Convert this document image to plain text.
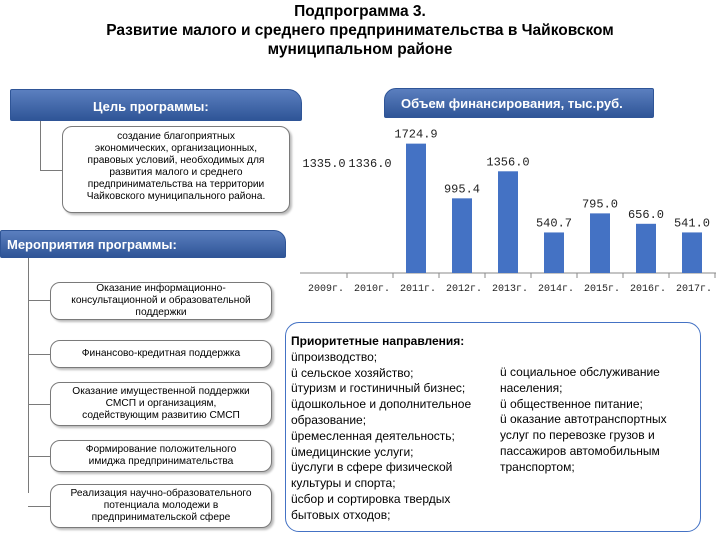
Подпрограмма 3.
Развитие малого и среднего предпринимательства в Чайковском
муниципальном районе
Цель программы:	Объем финансирования, тыс.руб.
создание благоприятных
экономических, организационных,
правовых условий, необходимых для
развития малого и среднего
предпринимательства на территории
Чайковского муниципального района.
Мероприятия программы:
Оказание информационно-
консультационной и образовательной
поддержки
Финансово-кредитная поддержка
Оказание имущественной поддержки
СМСП и организациям,
содействующим развитию СМСП
Формирование положительного
имиджа предпринимательства
Реализация научно-образовательного
потенциала молодежи в
предпринимательской сфере
1335.0
2009г.
1336.0
2010г.
1724.9
2011г.
995.4
2012г.
1356.0
2013г.
540.7
2014г.
795.0
2015г.
656.0
2016г.
541.0
2017г.
Приоритетные направления:
üпроизводство;
ü сельское хозяйство;
üтуризм и гостиничный бизнес;
üдошкольное и дополнительное
образование;
üремесленная деятельность;
üмедицинские услуги;
üуслуги в сфере физической
культуры и спорта;
üсбор и сортировка твердых
бытовых отходов;
ü социальное обслуживание
населения;
ü общественное питание;
ü оказание автотранспортных
услуг по перевозке грузов и
пассажиров автомобильным
транспортом;
